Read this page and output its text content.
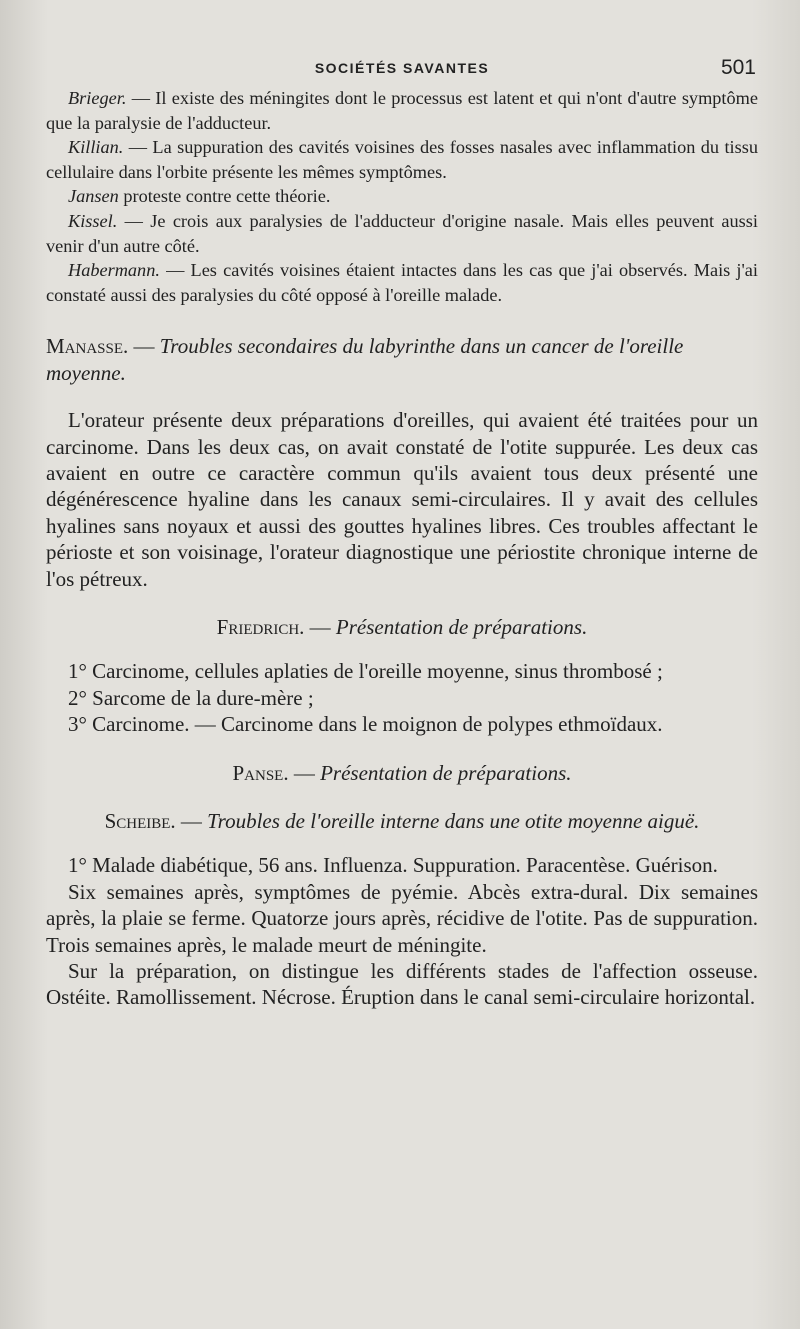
SOCIÉTÉS SAVANTES	501

Brieger. — Il existe des méningites dont le processus est latent et qui n'ont d'autre symptôme que la paralysie de l'adducteur.

Killian. — La suppuration des cavités voisines des fosses nasales avec inflammation du tissu cellulaire dans l'orbite présente les mêmes symptômes.

Jansen proteste contre cette théorie.

Kissel. — Je crois aux paralysies de l'adducteur d'origine nasale. Mais elles peuvent aussi venir d'un autre côté.

Habermann. — Les cavités voisines étaient intactes dans les cas que j'ai observés. Mais j'ai constaté aussi des paralysies du côté opposé à l'oreille malade.

Manasse. — Troubles secondaires du labyrinthe dans un cancer de l'oreille moyenne.

L'orateur présente deux préparations d'oreilles, qui avaient été traitées pour un carcinome. Dans les deux cas, on avait constaté de l'otite suppurée. Les deux cas avaient en outre ce caractère commun qu'ils avaient tous deux présenté une dégénérescence hyaline dans les canaux semi-circulaires. Il y avait des cellules hyalines sans noyaux et aussi des gouttes hyalines libres. Ces troubles affectant le périoste et son voisinage, l'orateur diagnostique une périostite chronique interne de l'os pétreux.

Friedrich. — Présentation de préparations.

1° Carcinome, cellules aplaties de l'oreille moyenne, sinus thrombosé ;

2° Sarcome de la dure-mère ;

3° Carcinome. — Carcinome dans le moignon de polypes ethmoïdaux.

Panse. — Présentation de préparations.

Scheibe. — Troubles de l'oreille interne dans une otite moyenne aiguë.

1° Malade diabétique, 56 ans. Influenza. Suppuration. Paracentèse. Guérison.

Six semaines après, symptômes de pyémie. Abcès extra-dural. Dix semaines après, la plaie se ferme. Quatorze jours après, récidive de l'otite. Pas de suppuration. Trois semaines après, le malade meurt de méningite.

Sur la préparation, on distingue les différents stades de l'affection osseuse. Ostéite. Ramollissement. Nécrose. Éruption dans le canal semi-circulaire horizontal.
